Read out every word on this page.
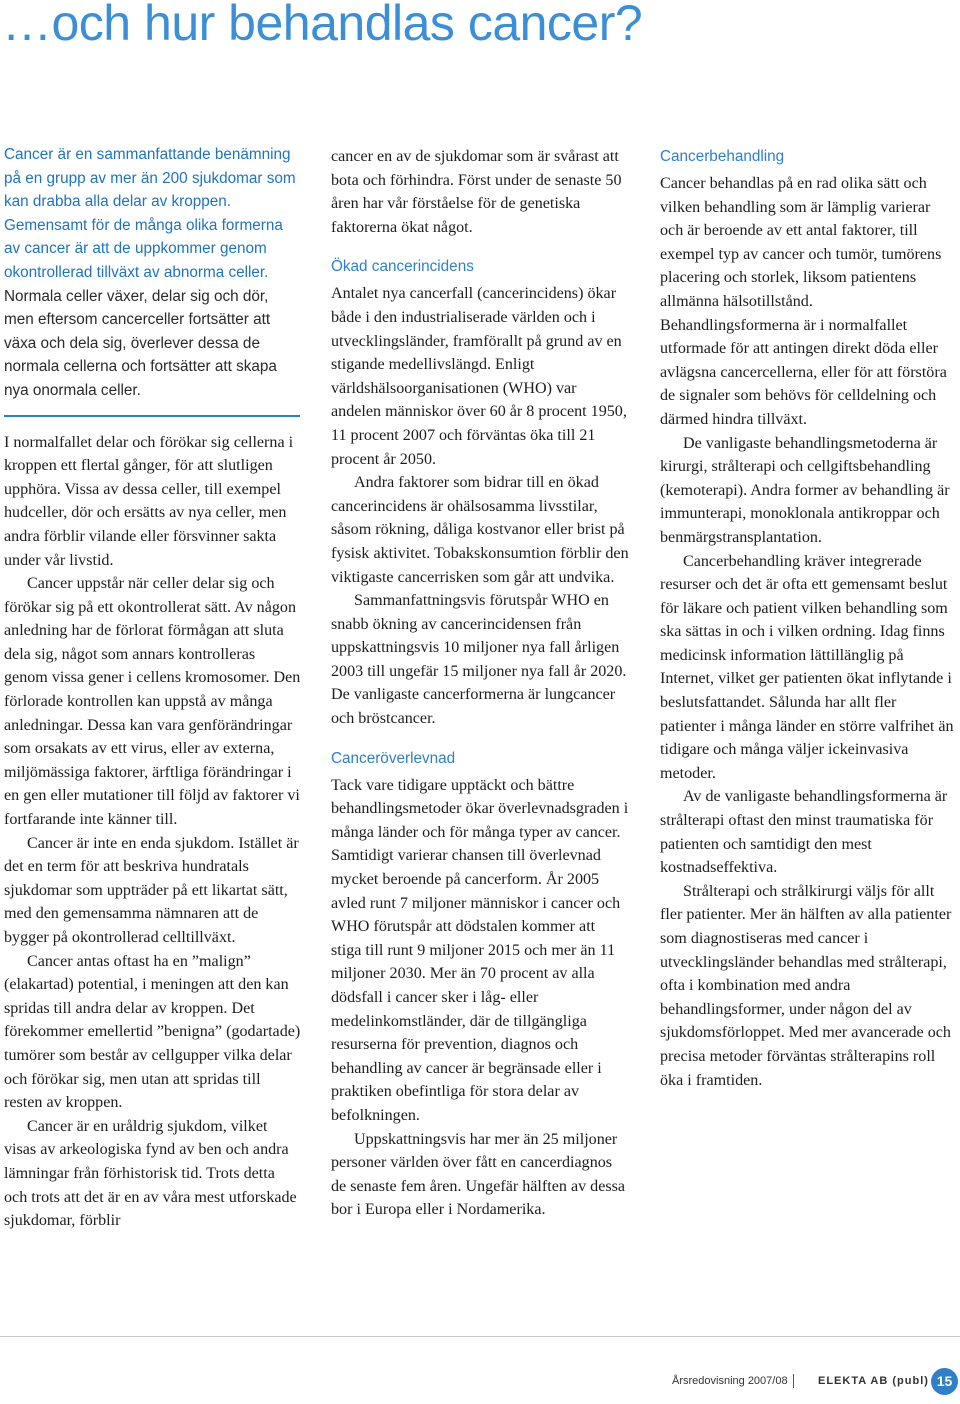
…och hur behandlas cancer?

Cancer är en sammanfattande benämning på en grupp av mer än 200 sjukdomar som kan drabba alla delar av kroppen. Gemensamt för de många olika formerna av cancer är att de uppkommer genom okontrollerad tillväxt av abnorma celler. Normala celler växer, delar sig och dör, men eftersom cancerceller fortsätter att växa och dela sig, överlever dessa de normala cellerna och fortsätter att skapa nya onormala celler.

I normalfallet delar och förökar sig cellerna i kroppen ett flertal gånger, för att slutligen upphöra. Vissa av dessa celler, till exempel hudceller, dör och ersätts av nya celler, men andra förblir vilande eller försvinner sakta under vår livstid.

Cancer uppstår när celler delar sig och förökar sig på ett okontrollerat sätt. Av någon anledning har de förlorat förmågan att sluta dela sig, något som annars kontrolleras genom vissa gener i cellens kromosomer. Den förlorade kontrollen kan uppstå av många anledningar. Dessa kan vara genförändringar som orsakats av ett virus, eller av externa, miljömässiga faktorer, ärftliga förändringar i en gen eller mutationer till följd av faktorer vi fortfarande inte känner till.

Cancer är inte en enda sjukdom. Istället är det en term för att beskriva hundratals sjukdomar som uppträder på ett likartat sätt, med den gemensamma nämnaren att de bygger på okontrollerad celltillväxt.

Cancer antas oftast ha en ”malign” (elakartad) potential, i meningen att den kan spridas till andra delar av kroppen. Det förekommer emellertid ”benigna” (godartade) tumörer som består av cellgupper vilka delar och förökar sig, men utan att spridas till resten av kroppen.

Cancer är en uråldrig sjukdom, vilket visas av arkeologiska fynd av ben och andra lämningar från förhistorisk tid. Trots detta och trots att det är en av våra mest utforskade sjukdomar, förblir

cancer en av de sjukdomar som är svårast att bota och förhindra. Först under de senaste 50 åren har vår förståelse för de genetiska faktorerna ökat något.

Ökad cancerincidens

Antalet nya cancerfall (cancerincidens) ökar både i den industrialiserade världen och i utvecklingsländer, framförallt på grund av en stigande medellivslängd. Enligt världshälsoorganisationen (WHO) var andelen människor över 60 år 8 procent 1950, 11 procent 2007 och förväntas öka till 21 procent år 2050.

Andra faktorer som bidrar till en ökad cancerincidens är ohälsosamma livsstilar, såsom rökning, dåliga kostvanor eller brist på fysisk aktivitet. Tobakskonsumtion förblir den viktigaste cancerrisken som går att undvika.

Sammanfattningsvis förutspår WHO en snabb ökning av cancerincidensen från uppskattningsvis 10 miljoner nya fall årligen 2003 till ungefär 15 miljoner nya fall år 2020. De vanligaste cancerformerna är lungcancer och bröstcancer.

Canceröverlevnad

Tack vare tidigare upptäckt och bättre behandlingsmetoder ökar överlevnadsgraden i många länder och för många typer av cancer. Samtidigt varierar chansen till överlevnad mycket beroende på cancerform. År 2005 avled runt 7 miljoner människor i cancer och WHO förutspår att dödstalen kommer att stiga till runt 9 miljoner 2015 och mer än 11 miljoner 2030. Mer än 70 procent av alla dödsfall i cancer sker i låg- eller medelinkomstländer, där de tillgängliga resurserna för prevention, diagnos och behandling av cancer är begränsade eller i praktiken obefintliga för stora delar av befolkningen.

Uppskattningsvis har mer än 25 miljoner personer världen över fått en cancerdiagnos de senaste fem åren. Ungefär hälften av dessa bor i Europa eller i Nordamerika.

Cancerbehandling

Cancer behandlas på en rad olika sätt och vilken behandling som är lämplig varierar och är beroende av ett antal faktorer, till exempel typ av cancer och tumör, tumörens placering och storlek, liksom patientens allmänna hälsotillstånd. Behandlingsformerna är i normalfallet utformade för att antingen direkt döda eller avlägsna cancercellerna, eller för att förstöra de signaler som behövs för celldelning och därmed hindra tillväxt.

De vanligaste behandlingsmetoderna är kirurgi, strålterapi och cellgiftsbehandling (kemoterapi). Andra former av behandling är immunterapi, monoklonala antikroppar och benmärgstransplantation.

Cancerbehandling kräver integrerade resurser och det är ofta ett gemensamt beslut för läkare och patient vilken behandling som ska sättas in och i vilken ordning. Idag finns medicinsk information lättillänglig på Internet, vilket ger patienten ökat inflytande i beslutsfattandet. Sålunda har allt fler patienter i många länder en större valfrihet än tidigare och många väljer ickeinvasiva metoder.

Av de vanligaste behandlingsformerna är strålterapi oftast den minst traumatiska för patienten och samtidigt den mest kostnadseffektiva.

Strålterapi och strålkirurgi väljs för allt fler patienter. Mer än hälften av alla patienter som diagnostiseras med cancer i utvecklingsländer behandlas med strålterapi, ofta i kombination med andra behandlingsformer, under någon del av sjukdomsförloppet. Med mer avancerade och precisa metoder förväntas strålterapins roll öka i framtiden.

Årsredovisning 2007/08	ELEKTA AB (publ) 15
